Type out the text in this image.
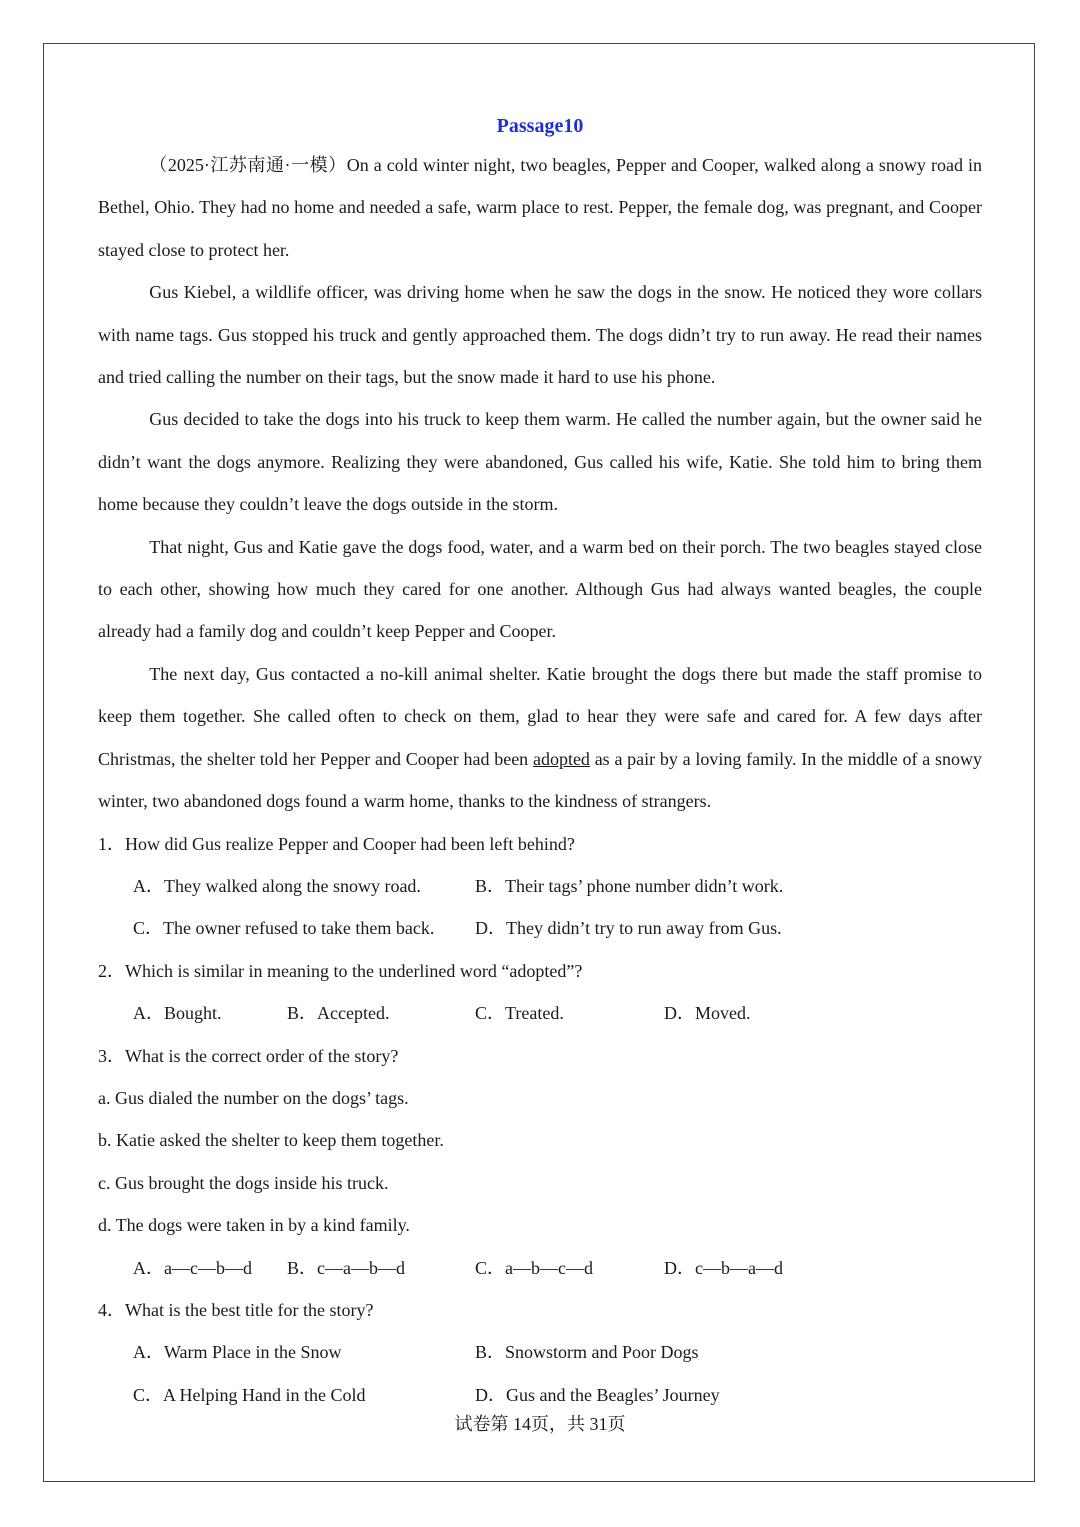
Passage10

（2025·江苏南通·一模）On a cold winter night, two beagles, Pepper and Cooper, walked along a snowy road in Bethel, Ohio. They had no home and needed a safe, warm place to rest. Pepper, the female dog, was pregnant, and Cooper stayed close to protect her.

Gus Kiebel, a wildlife officer, was driving home when he saw the dogs in the snow. He noticed they wore collars with name tags. Gus stopped his truck and gently approached them. The dogs didn’t try to run away. He read their names and tried calling the number on their tags, but the snow made it hard to use his phone.

Gus decided to take the dogs into his truck to keep them warm. He called the number again, but the owner said he didn’t want the dogs anymore. Realizing they were abandoned, Gus called his wife, Katie. She told him to bring them home because they couldn’t leave the dogs outside in the storm.

That night, Gus and Katie gave the dogs food, water, and a warm bed on their porch. The two beagles stayed close to each other, showing how much they cared for one another. Although Gus had always wanted beagles, the couple already had a family dog and couldn’t keep Pepper and Cooper.

The next day, Gus contacted a no-kill animal shelter. Katie brought the dogs there but made the staff promise to keep them together. She called often to check on them, glad to hear they were safe and cared for. A few days after Christmas, the shelter told her Pepper and Cooper had been adopted as a pair by a loving family. In the middle of a snowy winter, two abandoned dogs found a warm home, thanks to the kindness of strangers.

1．How did Gus realize Pepper and Cooper had been left behind?

A．They walked along the snowy road.	B．Their tags’ phone number didn’t work.
C．The owner refused to take them back.	D．They didn’t try to run away from Gus.

2．Which is similar in meaning to the underlined word “adopted”?

A．Bought.	B．Accepted.	C．Treated.	D．Moved.

3．What is the correct order of the story?

a. Gus dialed the number on the dogs’ tags.

b. Katie asked the shelter to keep them together.

c. Gus brought the dogs inside his truck.

d. The dogs were taken in by a kind family.

A．a—c—b—d	B．c—a—b—d	C．a—b—c—d	D．c—b—a—d

4．What is the best title for the story?

A．Warm Place in the Snow	B．Snowstorm and Poor Dogs
C．A Helping Hand in the Cold	D．Gus and the Beagles’ Journey
试卷第 14页，共 31页
